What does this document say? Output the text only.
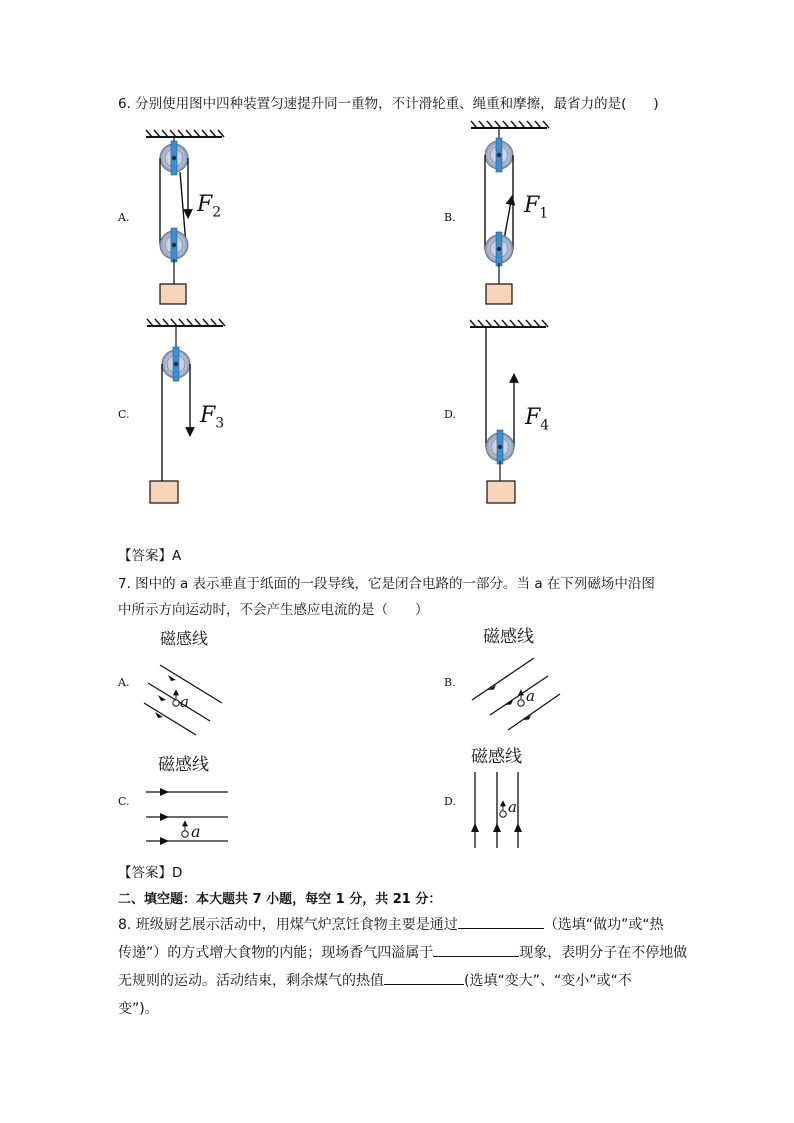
6. 分别使用图中四种装置匀速提升同一重物，不计滑轮重、绳重和摩擦，最省力的是(　　)
A.	B.
C.	D.
$F_2$	$F_1$
$F_3$	$F_4$
【答案】A
7. 图中的 a 表示垂直于纸面的一段导线，它是闭合电路的一部分。当 a 在下列磁场中沿图
中所示方向运动时，不会产生感应电流的是（　　）
A.	B.
C.	D.
磁感线	磁感线
磁感线	磁感线
a	a
a
a
【答案】D
二、填空题：本大题共 7 小题，每空 1 分，共 21 分：
8. 班级厨艺展示活动中，用煤气炉烹饪食物主要是通过	（选填“做功”或“热
传递”）的方式增大食物的内能；现场香气四溢属于	现象，表明分子在不停地做
无规则的运动。活动结束，剩余煤气的热值	(选填“变大”、“变小”或“不
变”)。
